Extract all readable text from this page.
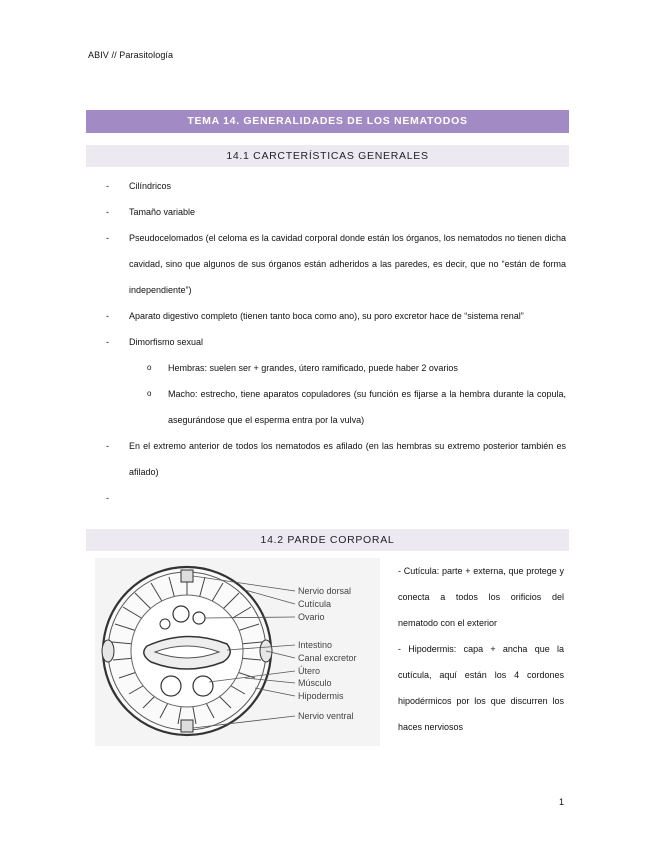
ABIV // Parasitología
TEMA 14. GENERALIDADES DE LOS NEMATODOS
14.1 CARCTERÍSTICAS GENERALES
- Cilíndricos
- Tamaño variable
- Pseudocelomados (el celoma es la cavidad corporal donde están los órganos, los nematodos no tienen dicha cavidad, sino que algunos de sus órganos están adheridos a las paredes, es decir, que no “están de forma independiente”)
- Aparato digestivo completo (tienen tanto boca como ano), su poro excretor hace de “sistema renal”
- Dimorfismo sexual
o Hembras: suelen ser + grandes, útero ramificado, puede haber 2 ovarios
o Macho: estrecho, tiene aparatos copuladores (su función es fijarse a la hembra durante la copula, asegurándose que el esperma entra por la vulva)
- En el extremo anterior de todos los nematodos es afilado (en las hembras su extremo posterior también es afilado)
-
14.2 PARDE CORPORAL
Nervio dorsal
Cutícula
Ovario
Intestino
Canal excretor
Útero
Músculo
Hipodermis
Nervio ventral
- Cutícula: parte + externa, que protege y conecta a todos los orificios del nematodo con el exterior
- Hipodermis: capa + ancha que la cutícula, aquí están los 4 cordones hipodérmicos por los que discurren los haces nerviosos
1
